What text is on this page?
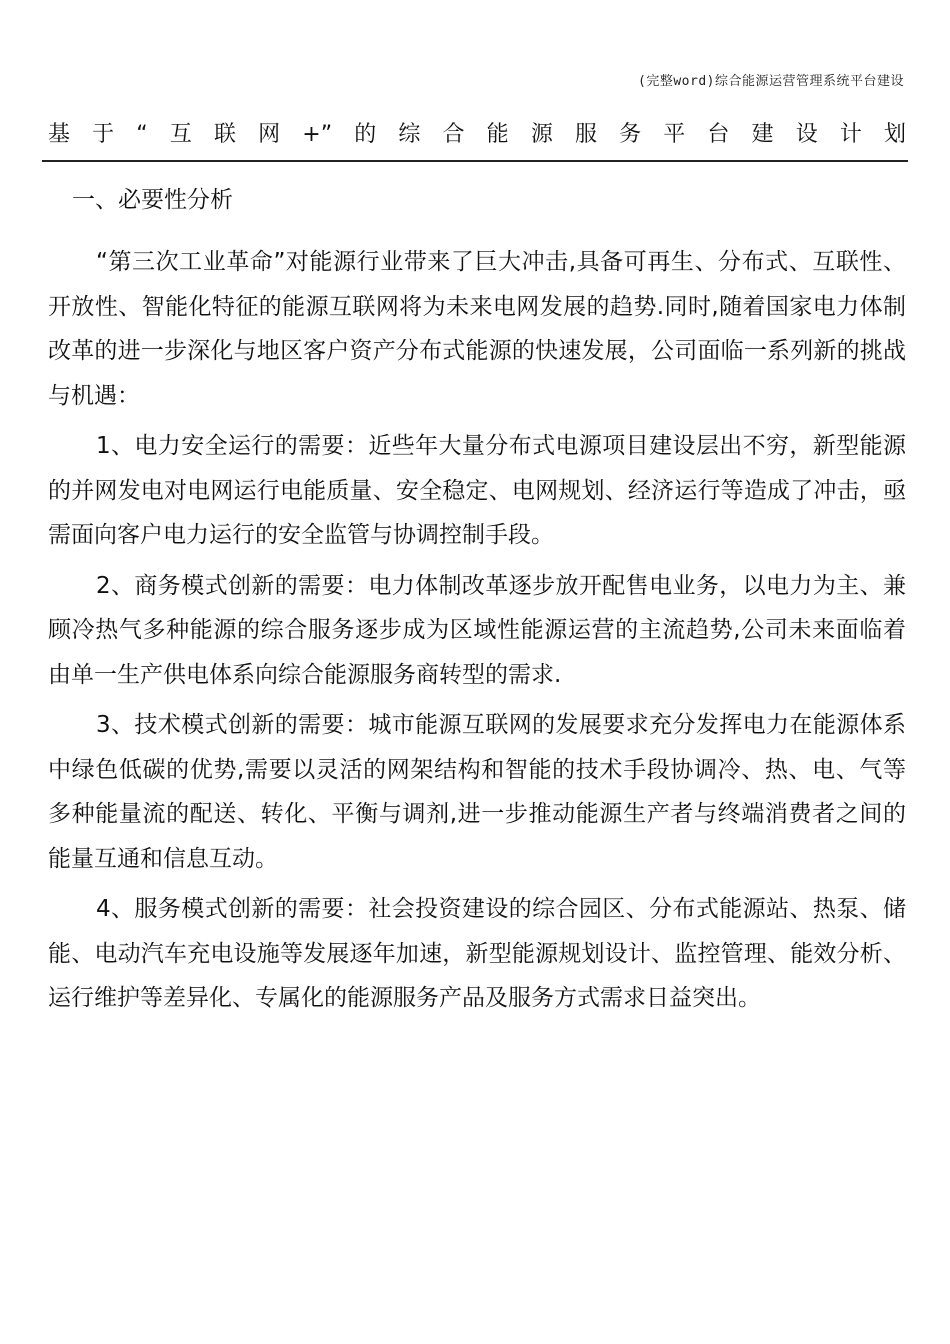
(完整word)综合能源运营管理系统平台建设
基于“互联网+”的综合能源服务平台建设计划
一、必要性分析

“第三次工业革命”对能源行业带来了巨大冲击,具备可再生、分布式、互联性、开放性、智能化特征的能源互联网将为未来电网发展的趋势.同时,随着国家电力体制改革的进一步深化与地区客户资产分布式能源的快速发展，公司面临一系列新的挑战与机遇：

1、电力安全运行的需要：近些年大量分布式电源项目建设层出不穷，新型能源的并网发电对电网运行电能质量、安全稳定、电网规划、经济运行等造成了冲击，亟需面向客户电力运行的安全监管与协调控制手段。

2、商务模式创新的需要：电力体制改革逐步放开配售电业务，以电力为主、兼顾冷热气多种能源的综合服务逐步成为区域性能源运营的主流趋势,公司未来面临着由单一生产供电体系向综合能源服务商转型的需求.

3、技术模式创新的需要：城市能源互联网的发展要求充分发挥电力在能源体系中绿色低碳的优势,需要以灵活的网架结构和智能的技术手段协调冷、热、电、气等多种能量流的配送、转化、平衡与调剂,进一步推动能源生产者与终端消费者之间的能量互通和信息互动。

4、服务模式创新的需要：社会投资建设的综合园区、分布式能源站、热泵、储能、电动汽车充电设施等发展逐年加速，新型能源规划设计、监控管理、能效分析、运行维护等差异化、专属化的能源服务产品及服务方式需求日益突出。
